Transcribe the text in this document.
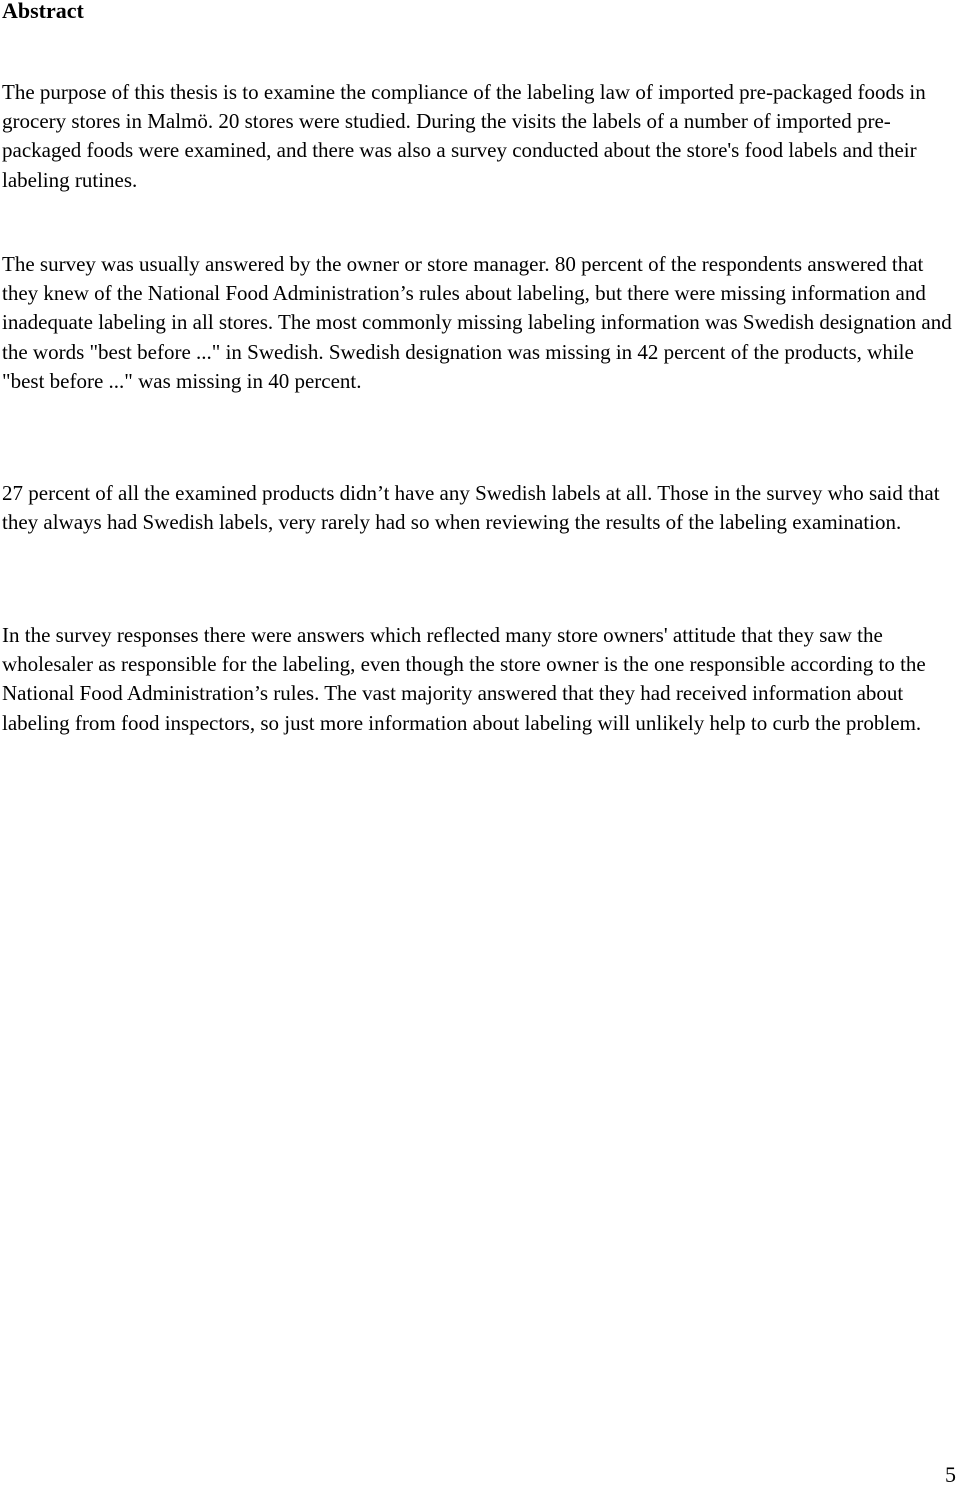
Abstract

The purpose of this thesis is to examine the compliance of the labeling law of imported pre-packaged foods in grocery stores in Malmö. 20 stores were studied. During the visits the labels of a number of imported pre-packaged foods were examined, and there was also a survey conducted about the store's food labels and their labeling rutines.

The survey was usually answered by the owner or store manager. 80 percent of the respondents answered that they knew of the National Food Administration’s rules about labeling, but there were missing information and inadequate labeling in all stores. The most commonly missing labeling information was Swedish designation and the words "best before ..." in Swedish. Swedish designation was missing in 42 percent of the products, while "best before ..." was missing in 40 percent.

27 percent of all the examined products didn’t have any Swedish labels at all. Those in the survey who said that they always had Swedish labels, very rarely had so when reviewing the results of the labeling examination.

In the survey responses there were answers which reflected many store owners' attitude that they saw the wholesaler as responsible for the labeling, even though the store owner is the one responsible according to the National Food Administration’s rules. The vast majority answered that they had received information about labeling from food inspectors, so just more information about labeling will unlikely help to curb the problem.

5
